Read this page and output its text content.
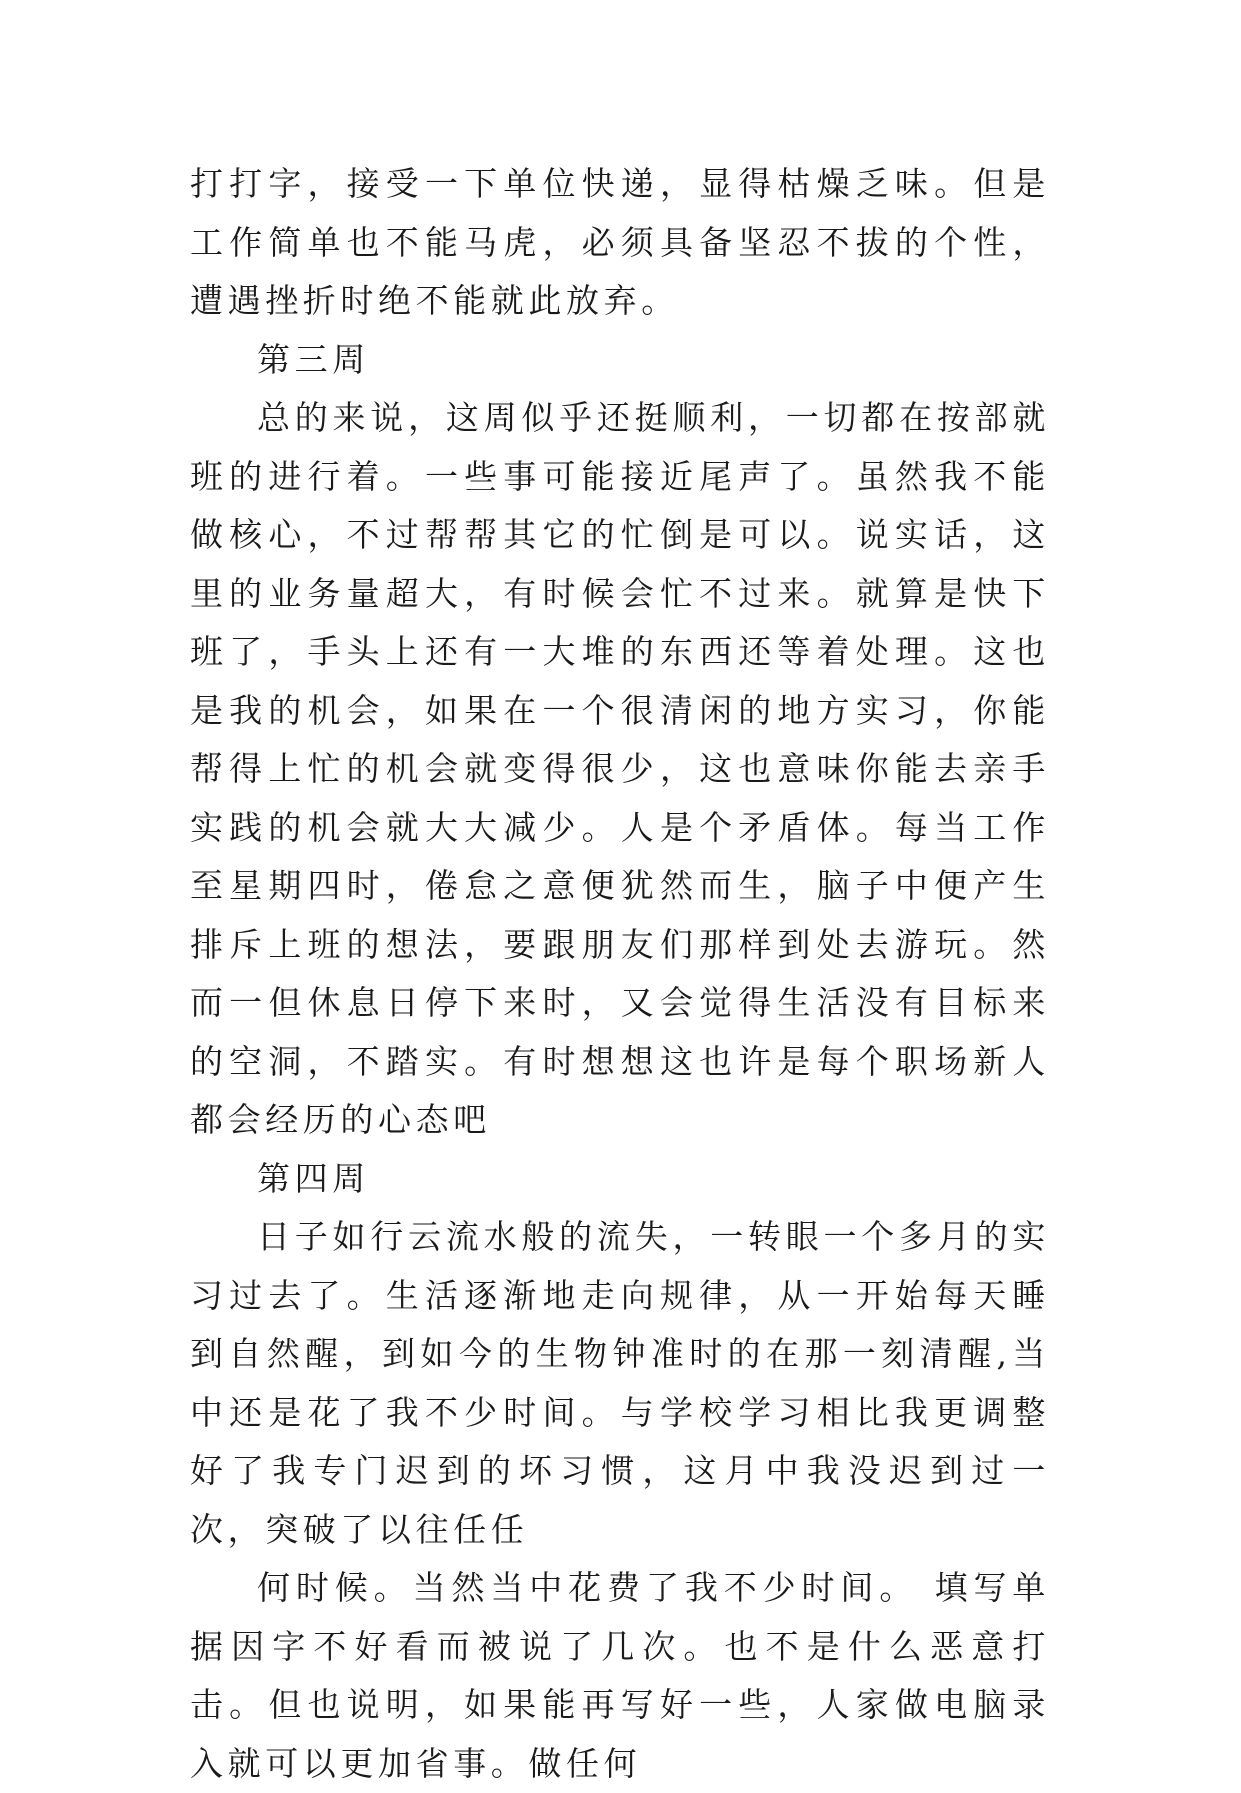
打打字，接受一下单位快递，显得枯燥乏味。但是工作简单也不能马虎，必须具备坚忍不拔的个性，遭遇挫折时绝不能就此放弃。

第三周

总的来说，这周似乎还挺顺利，一切都在按部就班的进行着。一些事可能接近尾声了。虽然我不能做核心，不过帮帮其它的忙倒是可以。说实话，这里的业务量超大，有时候会忙不过来。就算是快下班了，手头上还有一大堆的东西还等着处理。这也是我的机会，如果在一个很清闲的地方实习，你能帮得上忙的机会就变得很少，这也意味你能去亲手实践的机会就大大减少。人是个矛盾体。每当工作至星期四时，倦怠之意便犹然而生，脑子中便产生排斥上班的想法，要跟朋友们那样到处去游玩。然而一但休息日停下来时，又会觉得生活没有目标来的空洞，不踏实。有时想想这也许是每个职场新人都会经历的心态吧

第四周

日子如行云流水般的流失，一转眼一个多月的实习过去了。生活逐渐地走向规律，从一开始每天睡到自然醒，到如今的生物钟准时的在那一刻清醒,当中还是花了我不少时间。与学校学习相比我更调整好了我专门迟到的坏习惯，这月中我没迟到过一次，突破了以往任任

何时候。当然当中花费了我不少时间。 填写单据因字不好看而被说了几次。也不是什么恶意打击。但也说明，如果能再写好一些，人家做电脑录入就可以更加省事。做任何
